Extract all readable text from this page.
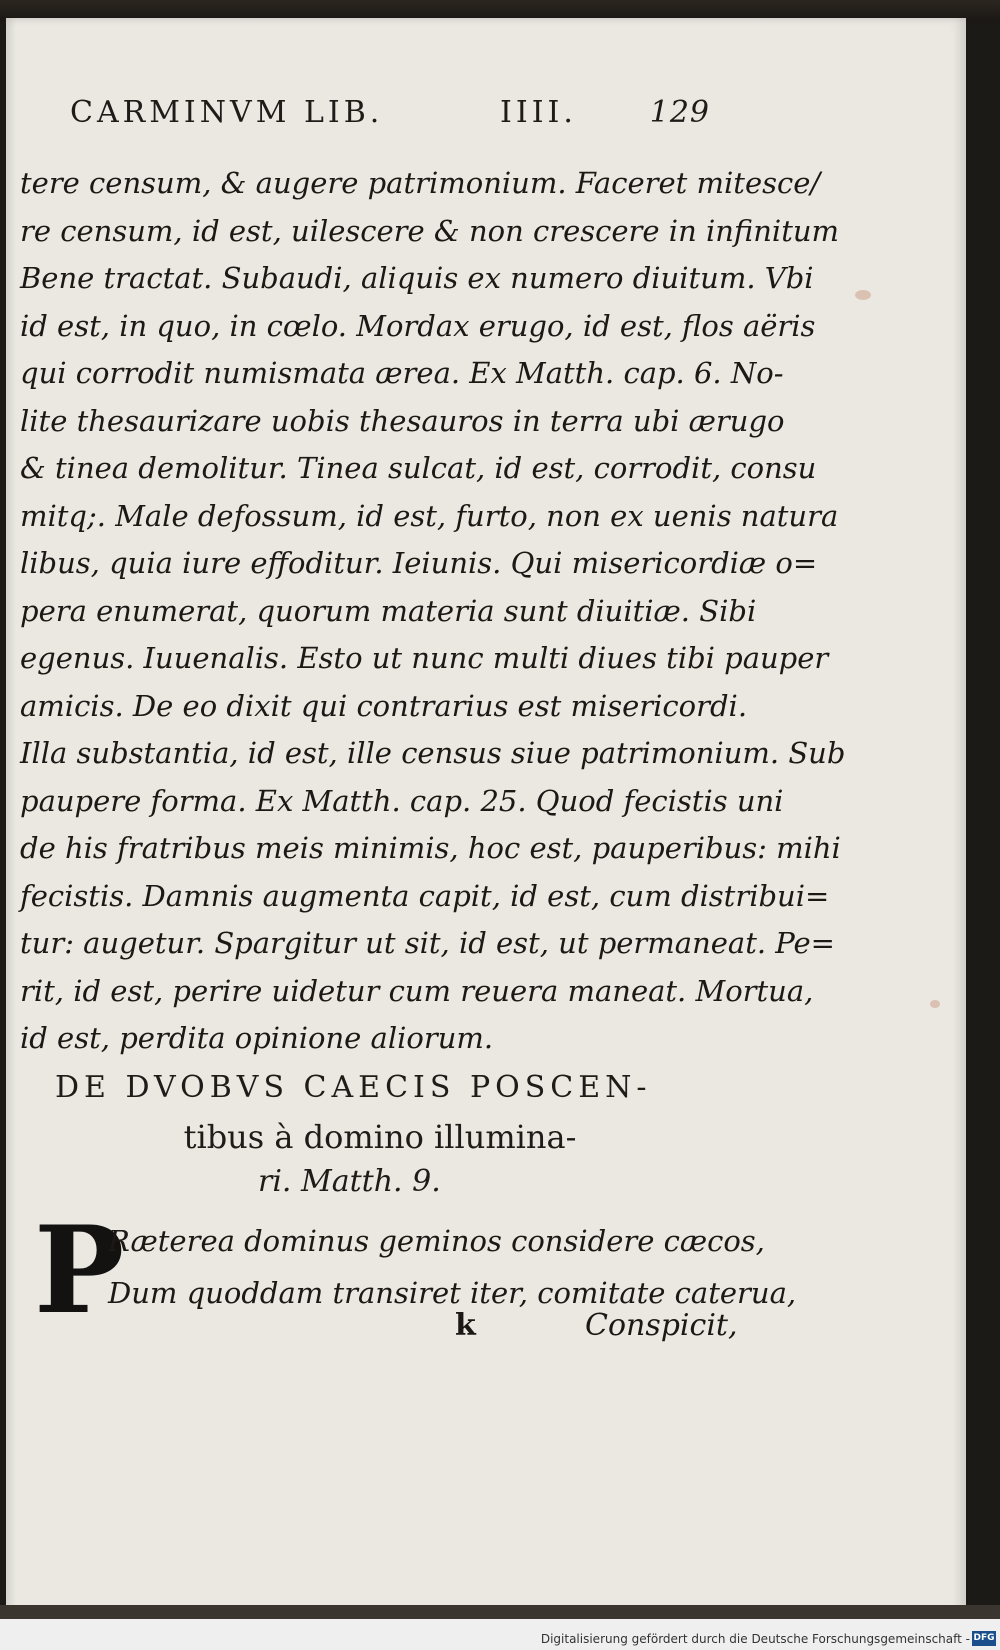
CARMINVM LIB.	IIII. 129
tere censum, & augere patrimonium. Faceret mitesce/
re censum, id est, uilescere & non crescere in infinitum
Bene tractat. Subaudi, aliquis ex numero diuitum. Vbi
id est, in quo, in cœlo. Mordax erugo, id est, flos aëris
qui corrodit numismata ærea. Ex Matth. cap. 6. No-
lite thesaurizare uobis thesauros in terra ubi ærugo
& tinea demolitur. Tinea sulcat, id est, corrodit, consu
mitq;. Male defossum, id est, furto, non ex uenis natura
libus, quia iure effoditur. Ieiunis. Qui misericordiæ o=
pera enumerat, quorum materia sunt diuitiæ. Sibi
egenus. Iuuenalis. Esto ut nunc multi diues tibi pauper
amicis. De eo dixit qui contrarius est misericordi.
Illa substantia, id est, ille census siue patrimonium. Sub
paupere forma. Ex Matth. cap. 25. Quod fecistis uni
de his fratribus meis minimis, hoc est, pauperibus: mihi
fecistis. Damnis augmenta capit, id est, cum distribui=
tur: augetur. Spargitur ut sit, id est, ut permaneat. Pe=
rit, id est, perire uidetur cum reuera maneat. Mortua,
id est, perdita opinione aliorum.
DE DVOBVS CAECIS POSCEN-
tibus à domino illumina-
ri. Matth. 9.
P
Ræterea dominus geminos considere cæcos,
Dum quoddam transiret iter, comitate caterua,
k	Conspicit,
Digitalisierung gefördert durch die Deutsche Forschungsgemeinschaft - DFG
